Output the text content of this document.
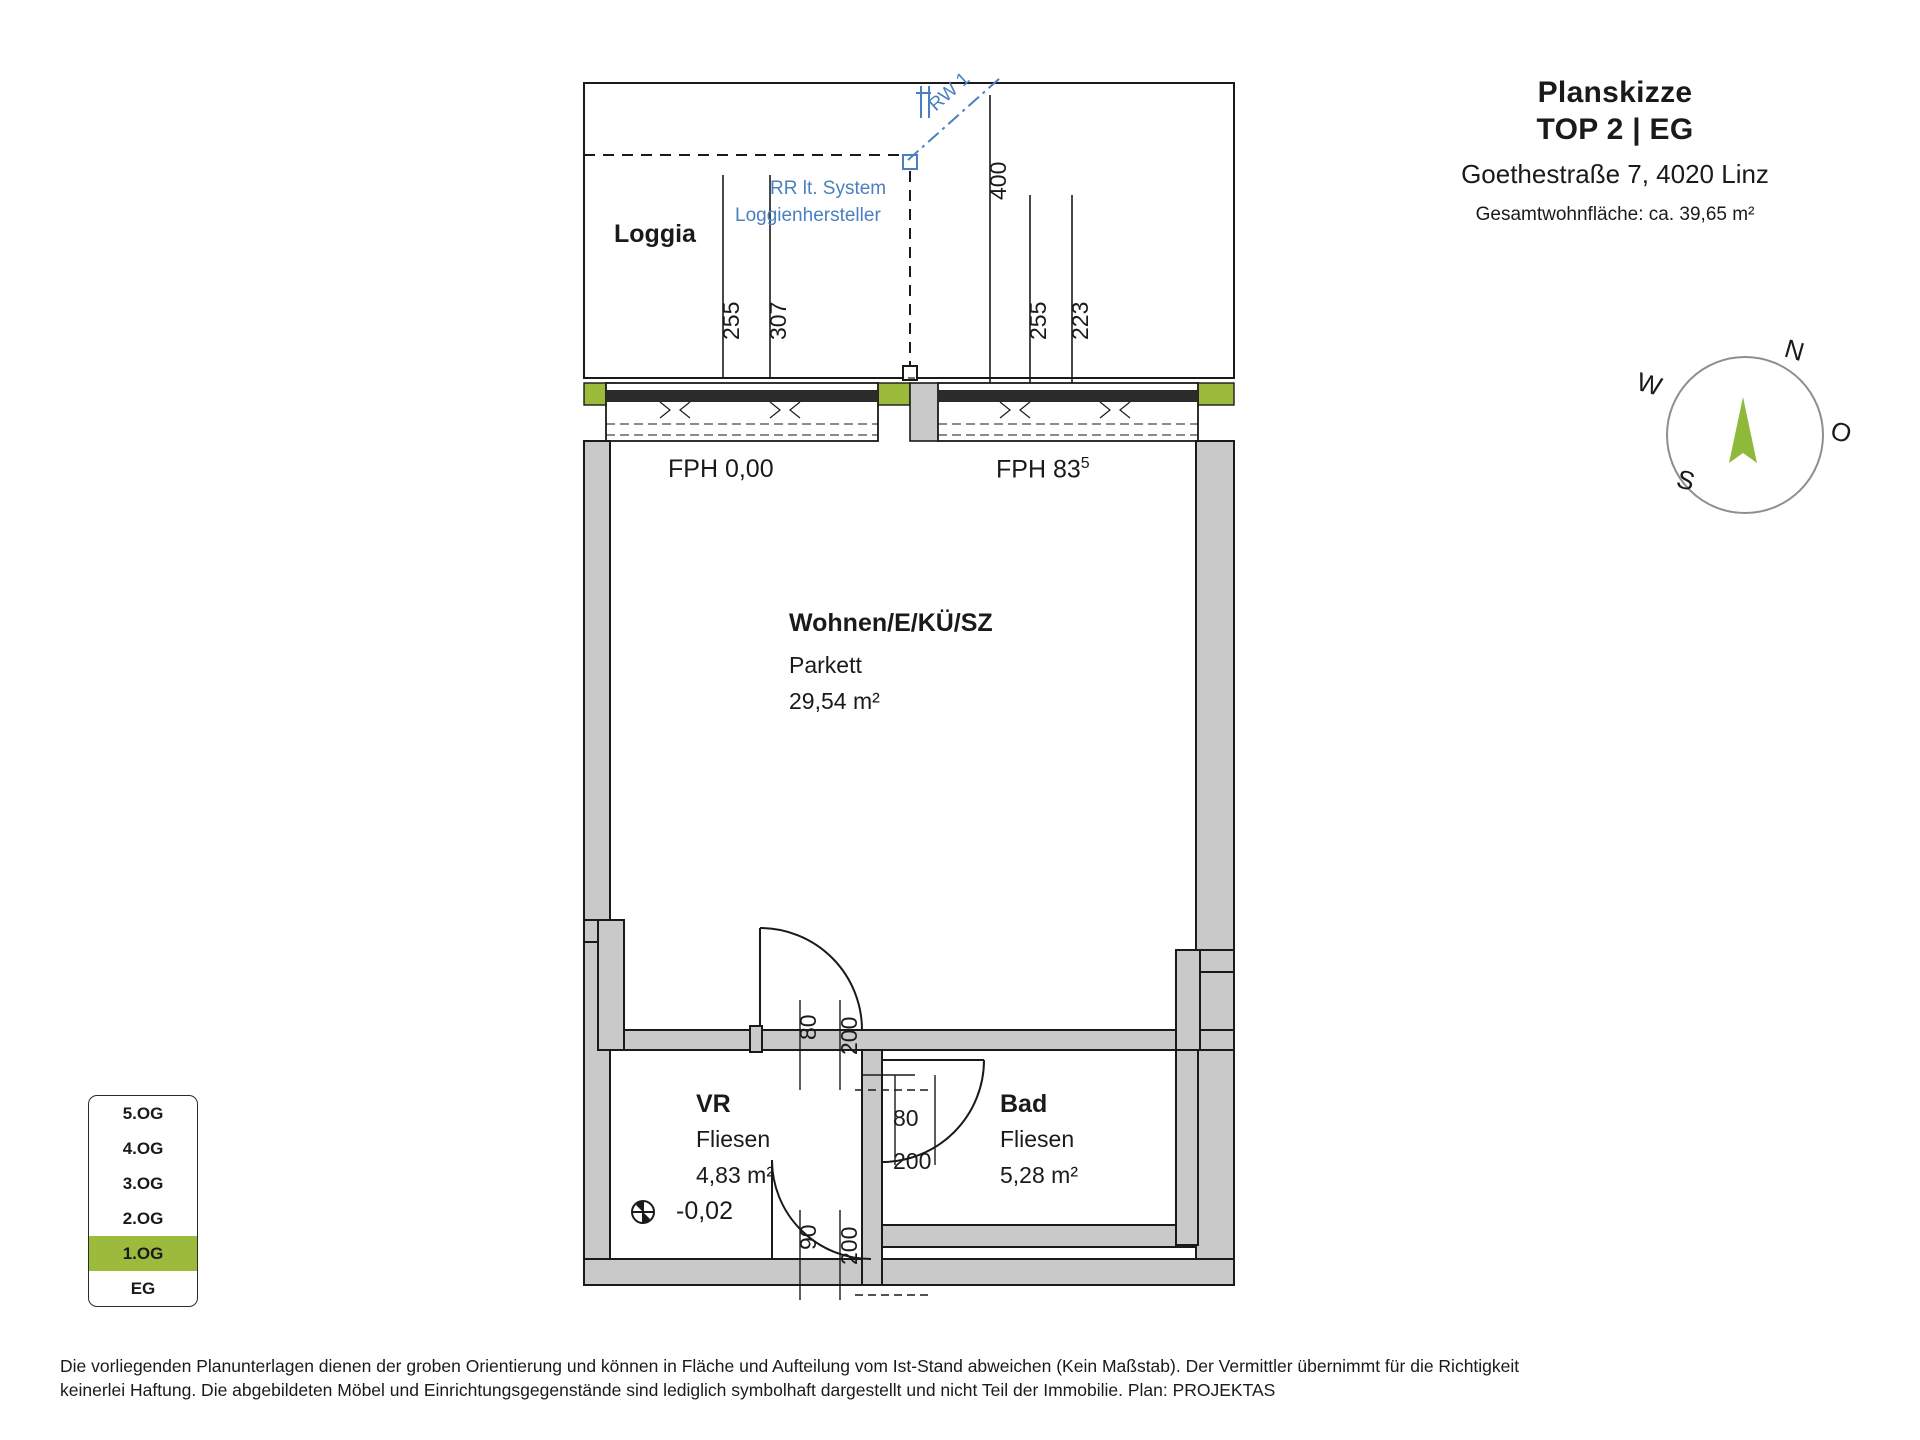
Loggia
Wohnen/E/KÜ/SZ
Parkett
29,54 m²
VR
Fliesen
4,83 m²
Bad
Fliesen
5,28 m²
RR lt. System
Loggienhersteller
RW 1
FPH 0,00	FPH $83^5$
-0,02
255 307
400
255 223
80 200
80
200
90 200
Planskizze
TOP 2 | EG
Goethestraße 7, 4020 Linz
Gesamtwohnfläche: ca. 39,65 m²
N
O
S
W
5.OG
4.OG
3.OG
2.OG
1.OG
EG
Die vorliegenden Planunterlagen dienen der groben Orientierung und können in Fläche und Aufteilung vom Ist-Stand abweichen (Kein Maßstab). Der Vermittler übernimmt für die Richtigkeit
keinerlei Haftung. Die abgebildeten Möbel und Einrichtungsgegenstände sind lediglich symbolhaft dargestellt und nicht Teil der Immobilie. Plan: PROJEKTAS
